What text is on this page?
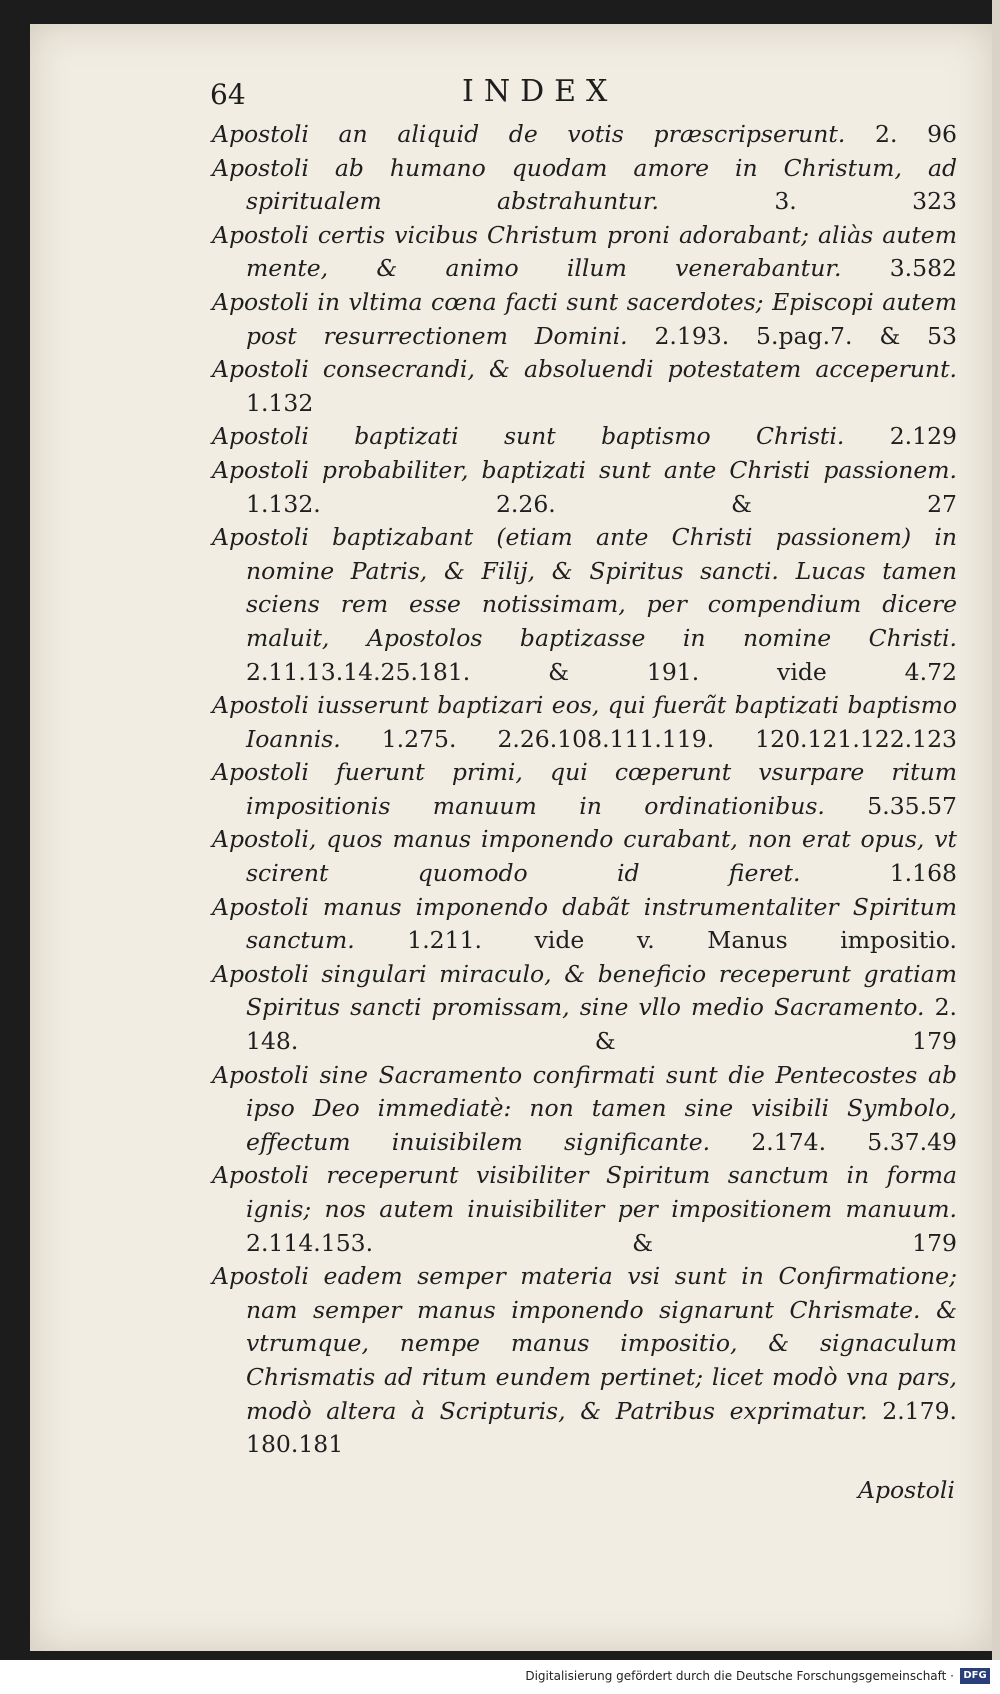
64	INDEX
Apostoli an aliquid de votis præscripserunt. 2. 96
Apostoli ab humano quodam amore in Christum, ad spiritualem abstrahuntur.	3. 323
Apostoli certis vicibus Christum proni adorabant; aliàs autem mente, & animo illum venerabantur. 3.582
Apostoli in vltima cœna facti sunt sacerdotes; Episcopi autem post resurrectionem Domini. 2.193. 5.pag.7. & 53
Apostoli consecrandi, & absoluendi potestatem acceperunt. 1.132
Apostoli baptizati sunt baptismo Christi. 2.129
Apostoli probabiliter, baptizati sunt ante Christi passionem. 1.132. 2.26. & 27
Apostoli baptizabant (etiam ante Christi passionem) in nomine Patris, & Filij, & Spiritus sancti. Lucas tamen sciens rem esse notissimam, per compendium dicere maluit, Apostolos baptizasse in nomine Christi. 2.11.13.14.25.181. & 191. vide 4.72
Apostoli iusserunt baptizari eos, qui fuerãt baptizati baptismo Ioannis. 1.275. 2.26.108.111.119. 120.121.122.123
Apostoli fuerunt primi, qui cœperunt vsurpare ritum impositionis manuum in ordinationibus. 5.35.57
Apostoli, quos manus imponendo curabant, non erat opus, vt scirent quomodo id fieret.	1.168
Apostoli manus imponendo dabãt instrumentaliter Spiritum sanctum. 1.211. vide v. Manus impositio.
Apostoli singulari miraculo, & beneficio receperunt gratiam Spiritus sancti promissam, sine vllo medio Sacramento. 2. 148. & 179
Apostoli sine Sacramento confirmati sunt die Pentecostes ab ipso Deo immediatè: non tamen sine visibili Symbolo, effectum inuisibilem significante. 2.174. 5.37.49
Apostoli receperunt visibiliter Spiritum sanctum in forma ignis; nos autem inuisibiliter per impositionem manuum. 2.114.153. & 179
Apostoli eadem semper materia vsi sunt in Confirmatione; nam semper manus imponendo signarunt Chrismate. & vtrumque, nempe manus impositio, & signaculum Chrismatis ad ritum eundem pertinet; licet modò vna pars, modò altera à Scripturis, & Patribus exprimatur. 2.179. 180.181
Apostoli
Digitalisierung gefördert durch die Deutsche Forschungsgemeinschaft · DFG
